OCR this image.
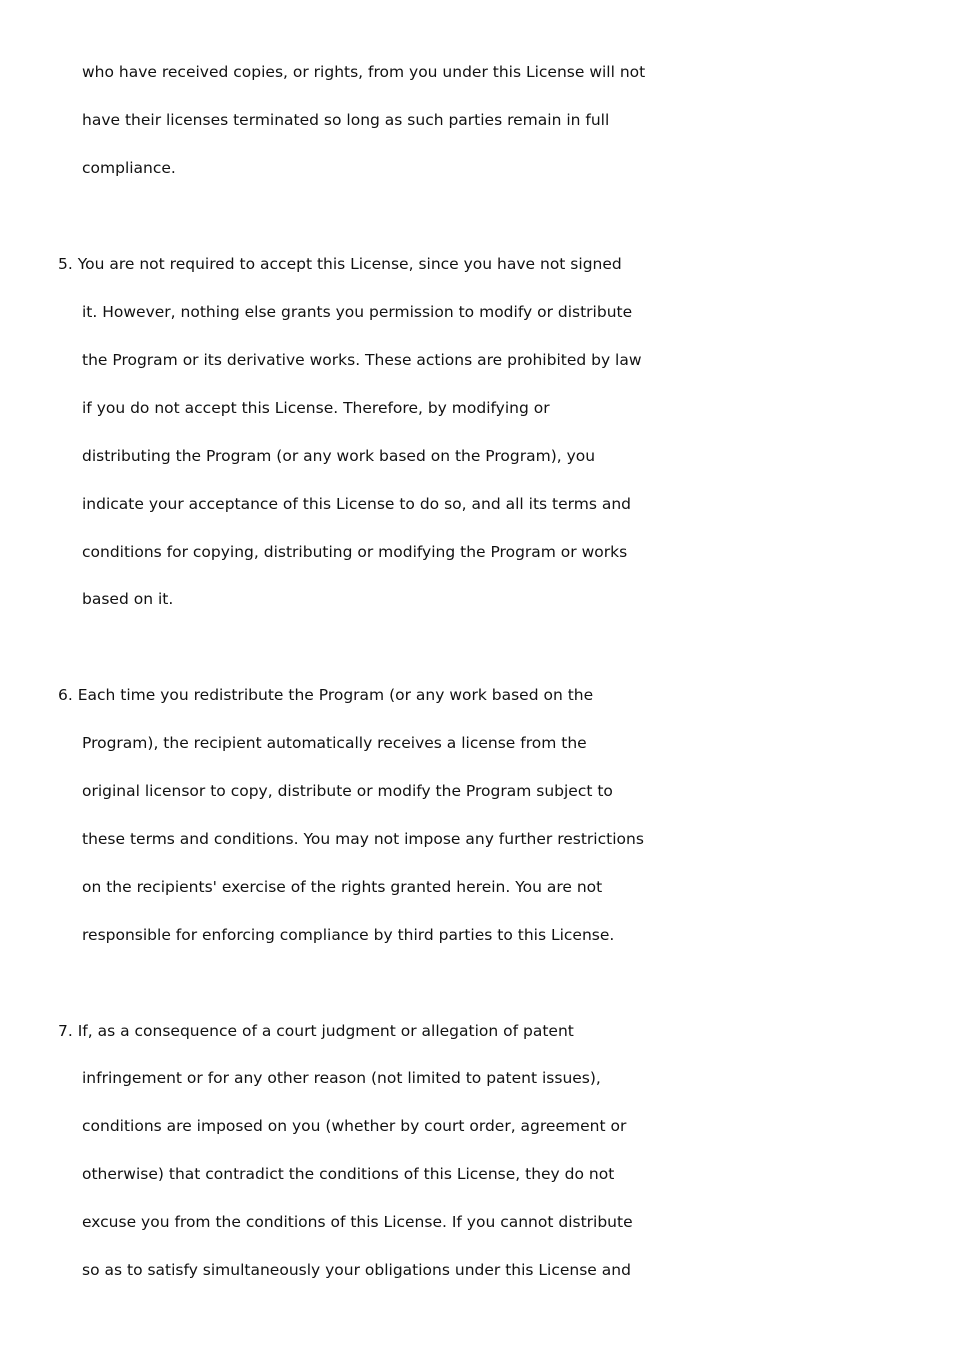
who have received copies, or rights, from you under this License will not
have their licenses terminated so long as such parties remain in full
compliance.
5. You are not required to accept this License, since you have not signed
it. However, nothing else grants you permission to modify or distribute
the Program or its derivative works. These actions are prohibited by law
if you do not accept this License. Therefore, by modifying or
distributing the Program (or any work based on the Program), you
indicate your acceptance of this License to do so, and all its terms and
conditions for copying, distributing or modifying the Program or works
based on it.
6. Each time you redistribute the Program (or any work based on the
Program), the recipient automatically receives a license from the
original licensor to copy, distribute or modify the Program subject to
these terms and conditions. You may not impose any further restrictions
on the recipients' exercise of the rights granted herein. You are not
responsible for enforcing compliance by third parties to this License.
7. If, as a consequence of a court judgment or allegation of patent
infringement or for any other reason (not limited to patent issues),
conditions are imposed on you (whether by court order, agreement or
otherwise) that contradict the conditions of this License, they do not
excuse you from the conditions of this License. If you cannot distribute
so as to satisfy simultaneously your obligations under this License and
